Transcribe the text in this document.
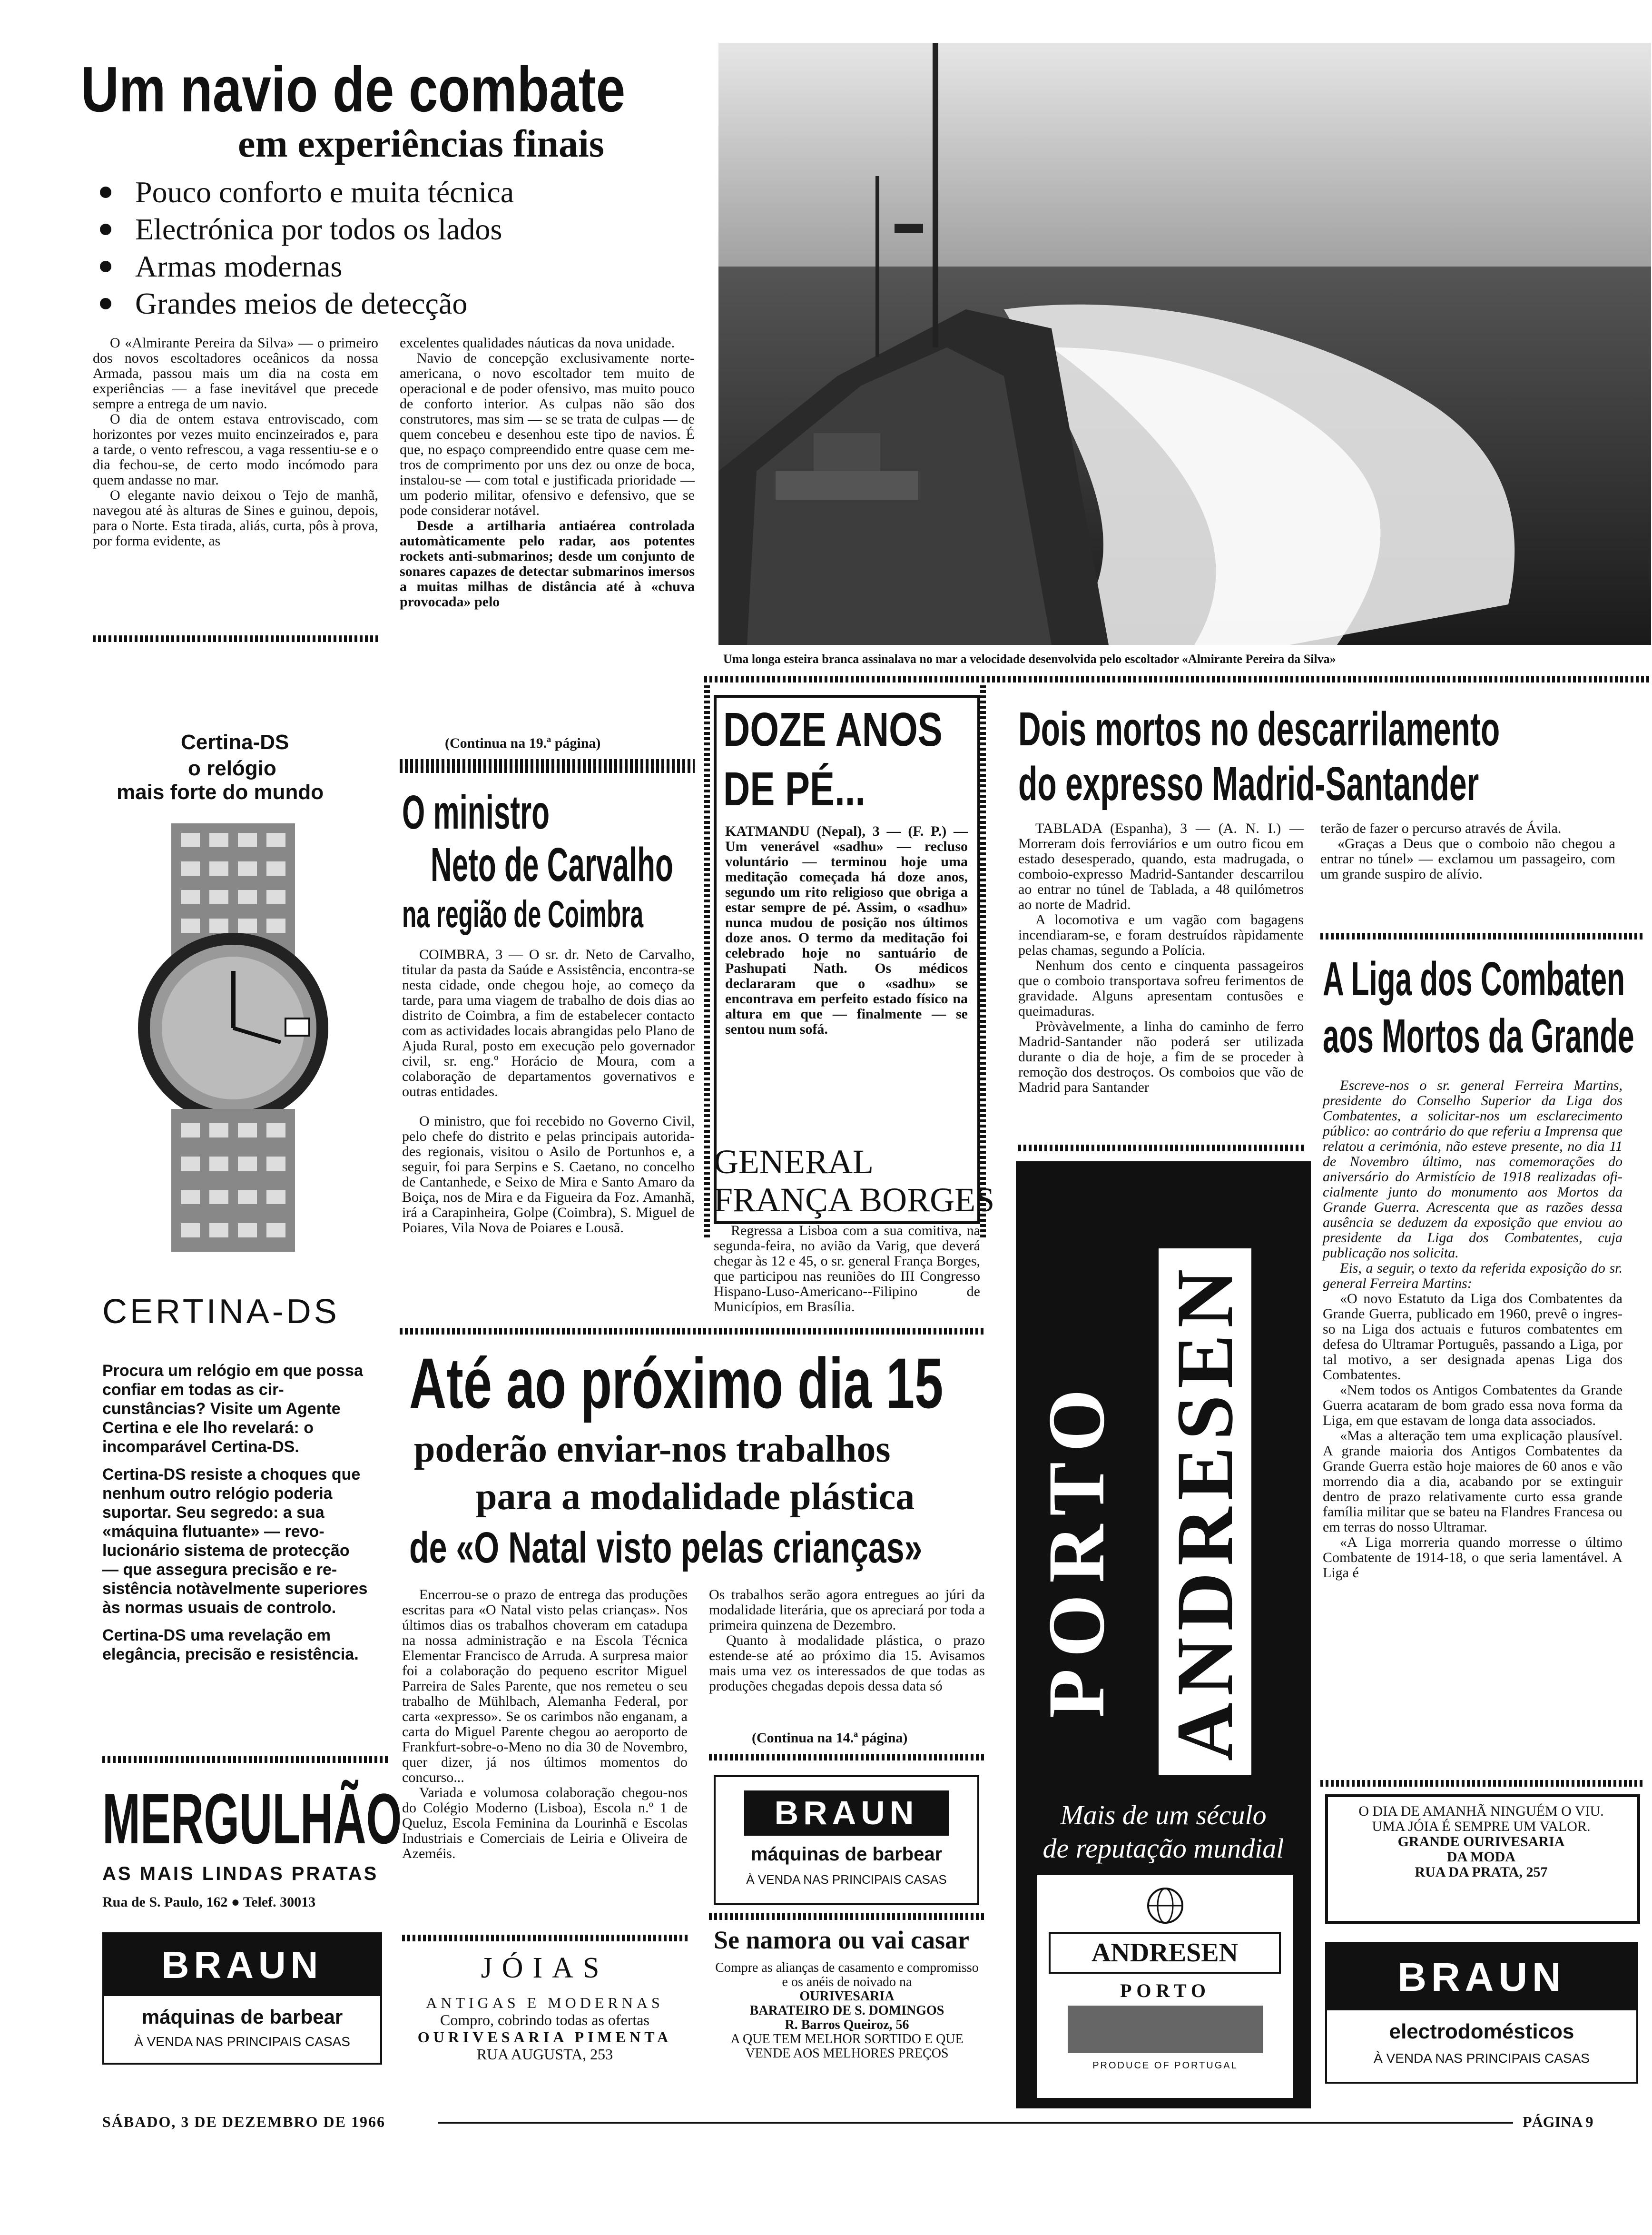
Um navio de combate
em experiências finais
Pouco conforto e muita técnica
Electrónica por todos os lados
Armas modernas
Grandes meios de detecção

O «Almirante Pereira da Silva» — o primeiro dos novos escoltadores oceânicos da nossa Armada, passou mais um dia na costa em experiências — a fase inevitável que precede sempre a entrega de um navio.

O dia de ontem estava entroviscado, com horizontes por vezes muito encinzeirados e, para a tarde, o vento refrescou, a vaga ressentiu-se e o dia fechou-se, de certo modo incómodo para quem andasse no mar.

O elegante navio deixou o Tejo de manhã, navegou até às alturas de Sines e guinou, depois, para o Norte. Esta tirada, aliás, curta, pôs à prova, por forma evidente, as

excelentes qualidades náuticas da nova unidade.

Navio de concepção exclusivamente norte-americana, o novo escoltador tem muito de operacional e de poder ofensivo, mas muito pouco de conforto interior. As culpas não são dos construtores, mas sim — se se trata de culpas — de quem concebeu e desenhou este tipo de navios. É que, no espaço compreendido entre quase cem metros de comprimento por uns dez ou onze de boca, instalou-se — com total e justificada prioridade — um poderio militar, ofensivo e defensivo, que se pode considerar notável.

Desde a artilharia antiaérea controlada automàticamente pelo radar, aos potentes rockets anti-submarinos; desde um conjunto de sonares capazes de detectar submarinos imersos a muitas milhas de distância até à «chuva provocada» pelo

(Continua na 19.ª página)
Uma longa esteira branca assinalava no mar a velocidade desenvolvida pelo escoltador «Almirante Pereira da Silva»
Certina-DS
o relógio
mais forte do mundo
CERTINA-DS
Procura um relógio em que possa confiar em todas as circunstâncias? Visite um Agente Certina e ele lho revelará: o incomparável Certina-DS.
Certina-DS resiste a choques que nenhum outro relógio poderia suportar. Seu segredo: a sua «máquina flutuante» — revolucionário sistema de protecção — que assegura precisão e resistência notàvelmente superiores às normas usuais de controlo.
Certina-DS uma revelação em elegância, precisão e resistência.
O ministro
Neto de Carvalho
na região de Coimbra

COIMBRA, 3 — O sr. dr. Neto de Carvalho, titular da pasta da Saúde e Assistência, encontra-se nesta cidade, onde chegou hoje, ao começo da tarde, para uma viagem de trabalho de dois dias ao distrito de Coimbra, a fim de estabelecer contacto com as actividades locais abrangidas pelo Plano de Ajuda Rural, posto em execução pelo governador civil, sr. eng.º Horácio de Moura, com a colaboração de departamentos governativos e outras entidades.

O ministro, que foi recebido no Governo Civil, pelo chefe do distrito e pelas principais autoridades regionais, visitou o Asilo de Portunhos e, a seguir, foi para Serpins e S. Caetano, no concelho de Cantanhede, e Seixo de Mira e Santo Amaro da Boiça, nos de Mira e da Figueira da Foz. Amanhã, irá a Carapinheira, Golpe (Coimbra), S. Miguel de Poiares, Vila Nova de Poiares e Lousã.

DOZE ANOS
DE PÉ...
KATMANDU (Nepal), 3 — (F. P.) — Um venerável «sadhu» — recluso voluntário — terminou hoje uma meditação começada há doze anos, segundo um rito religioso que obriga a estar sempre de pé. Assim, o «sadhu» nunca mudou de posição nos últimos doze anos. O termo da meditação foi celebrado hoje no santuário de Pashupati Nath. Os médicos declararam que o «sadhu» se encontrava em perfeito estado físico na altura em que — finalmente — se sentou num sofá.
GENERAL
FRANÇA BORGES
Regressa a Lisboa com a sua comitiva, na segunda-feira, no avião da Varig, que deverá chegar às 12 e 45, o sr. general França Borges, que participou nas reuniões do III Congresso Hispano-Luso-Americano--Filipino de Municípios, em Brasília.
Dois mortos no descarrilamento
do expresso Madrid-Santander

TABLADA (Espanha), 3 — (A. N. I.) — Morreram dois ferroviários e um outro ficou em estado desesperado, quando, esta madrugada, o comboio-expresso Madrid-Santander descarrilou ao entrar no túnel de Tablada, a 48 quilómetros ao norte de Madrid.

A locomotiva e um vagão com bagagens incendiaram-se, e foram destruídos ràpidamente pelas chamas, segundo a Polícia.

Nenhum dos cento e cinquenta passageiros que o comboio transportava sofreu ferimentos de gravidade. Alguns apresentam contusões e queimaduras.

Pròvàvelmente, a linha do caminho de ferro Madrid-Santander não poderá ser utilizada durante o dia de hoje, a fim de se proceder à remoção dos destroços. Os comboios que vão de Madrid para Santander

terão de fazer o percurso através de Ávila.

«Graças a Deus que o comboio não chegou a entrar no túnel» — exclamou um passageiro, com um grande suspiro de alívio.

A Liga dos Combaten
aos Mortos da Grande

Escreve-nos o sr. general Ferreira Martins, presidente do Conselho Superior da Liga dos Combatentes, a solicitar-nos um esclarecimento público: ao contrário do que referiu a Imprensa que relatou a cerimónia, não esteve presente, no dia 11 de Novembro último, nas comemorações do aniversário do Armistício de 1918 realizadas oficialmente junto do monumento aos Mortos da Grande Guerra. Acrescenta que as razões dessa ausência se deduzem da exposição que enviou ao presidente da Liga dos Combatentes, cuja publicação nos solicita.

Eis, a seguir, o texto da referida exposição do sr. general Ferreira Martins:

«O novo Estatuto da Liga dos Combatentes da Grande Guerra, publicado em 1960, prevê o ingresso na Liga dos actuais e futuros combatentes em defesa do Ultramar Português, passando a Liga, por tal motivo, a ser designada apenas Liga dos Combatentes.

«Nem todos os Antigos Combatentes da Grande Guerra acataram de bom grado essa nova forma da Liga, em que estavam de longa data associados.

«Mas a alteração tem uma explicação plausível. A grande maioria dos Antigos Combatentes da Grande Guerra estão hoje maiores de 60 anos e vão morrendo dia a dia, acabando por se extinguir dentro de prazo relativamente curto essa grande família militar que se bateu na Flandres Francesa ou em terras do nosso Ultramar.

«A Liga morreria quando morresse o último Combatente de 1914-18, o que seria lamentável. A Liga é

PORTO ANDRESEN
Mais de um século
de reputação mundial
ANDRESEN
PORTO
PRODUCE OF PORTUGAL
O DIA DE AMANHÃ NINGUÉM O VIU.
UMA JÓIA É SEMPRE UM VALOR.
GRANDE OURIVESARIA
DA MODA
RUA DA PRATA, 257
Até ao próximo dia 15
poderão enviar-nos trabalhos
para a modalidade plástica
de «O Natal visto pelas crianças»

Encerrou-se o prazo de entrega das produções escritas para «O Natal visto pelas crianças». Nos últimos dias os trabalhos choveram em catadupa na nossa administração e na Escola Técnica Elementar Francisco de Arruda. A surpresa maior foi a colaboração do pequeno escritor Miguel Parreira de Sales Parente, que nos remeteu o seu trabalho de Mühlbach, Alemanha Federal, por carta «expresso». Se os carimbos não enganam, a carta do Miguel Parente chegou ao aeroporto de Frankfurt-sobre-o-Meno no dia 30 de Novembro, quer dizer, já nos últimos momentos do concurso...

Variada e volumosa colaboração chegou-nos do Colégio Moderno (Lisboa), Escola n.º 1 de Queluz, Escola Feminina da Lourinhã e Escolas Industriais e Comerciais de Leiria e Oliveira de Azeméis.

Os trabalhos serão agora entregues ao júri da modalidade literária, que os apreciará por toda a primeira quinzena de Dezembro.

Quanto à modalidade plástica, o prazo estende-se até ao próximo dia 15. Avisamos mais uma vez os interessados de que todas as produções chegadas depois dessa data só

(Continua na 14.ª página)
BRAUN
máquinas de barbear
À VENDA NAS PRINCIPAIS CASAS
Se namora ou vai casar
Compre as alianças de casamento e compromisso e os anéis de noivado na
OURIVESARIA
BARATEIRO DE S. DOMINGOS
R. Barros Queiroz, 56
A QUE TEM MELHOR SORTIDO E QUE VENDE AOS MELHORES PREÇOS
JÓIAS
ANTIGAS E MODERNAS
Compro, cobrindo todas as ofertas
OURIVESARIA PIMENTA
RUA AUGUSTA, 253
MERGULHÃO
AS MAIS LINDAS PRATAS
Rua de S. Paulo, 162 ● Telef. 30013
BRAUN
máquinas de barbear
À VENDA NAS PRINCIPAIS CASAS
BRAUN
electrodomésticos
À VENDA NAS PRINCIPAIS CASAS
SÁBADO, 3 DE DEZEMBRO DE 1966	PÁGINA 9
